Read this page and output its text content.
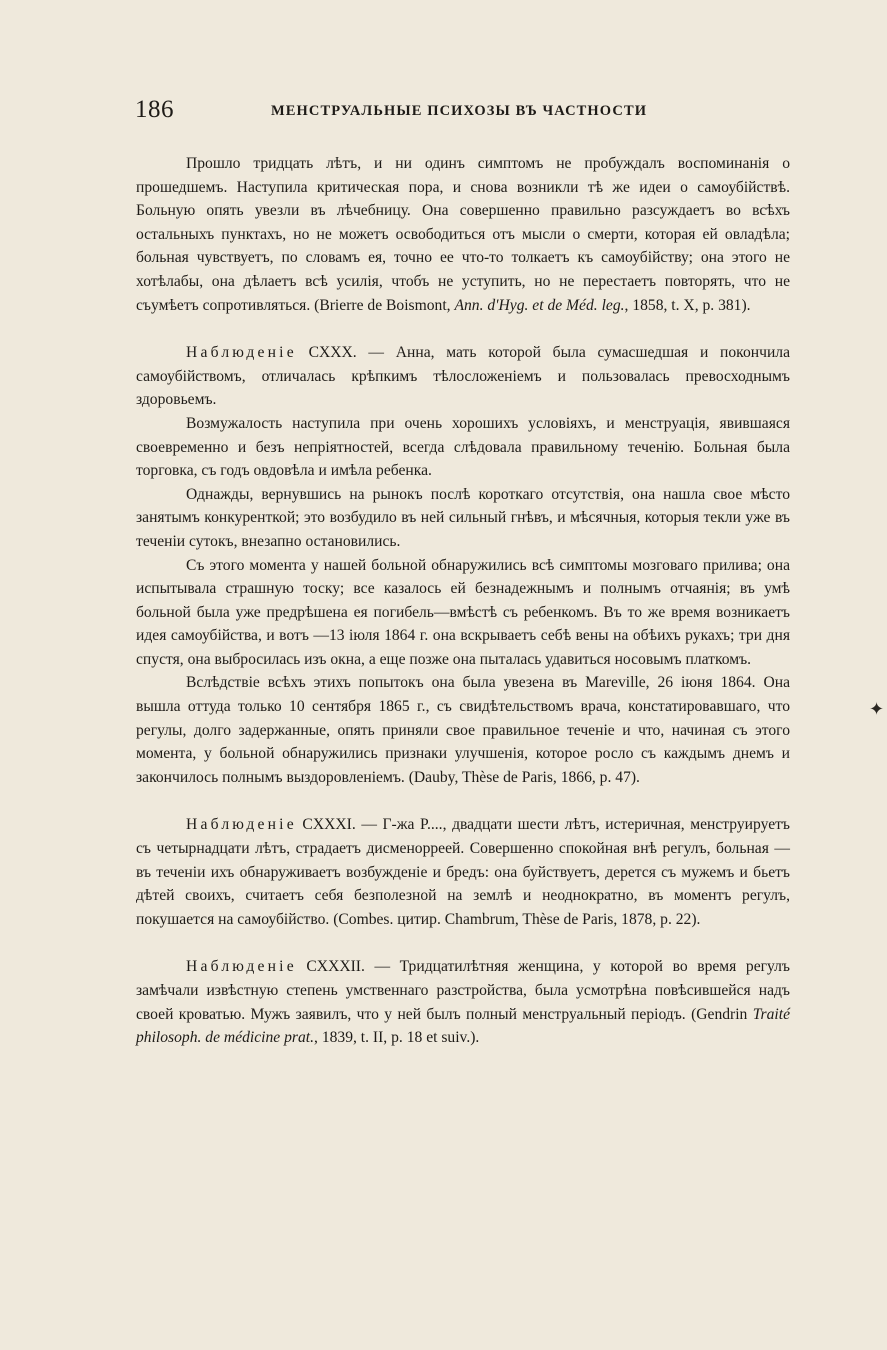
186	МЕНСТРУАЛЬНЫЕ ПСИХОЗЫ ВЪ ЧАСТНОСТИ

Прошло тридцать лѣтъ, и ни одинъ симптомъ не пробуждалъ воспоминанія о прошедшемъ. Наступила критическая пора, и снова возникли тѣ же идеи о самоубійствѣ. Больную опять увезли въ лѣчебницу. Она совершенно правильно разсуждаетъ во всѣхъ остальныхъ пунктахъ, но не можетъ освободиться отъ мысли о смерти, которая ей овладѣла; больная чувствуетъ, по словамъ ея, точно ее что-то толкаетъ къ самоубійству; она этого не хотѣлабы, она дѣлаетъ всѣ усилія, чтобъ не уступить, но не перестаетъ повторять, что не съумѣетъ сопротивляться. (Brierre de Boismont, Ann. d'Hyg. et de Méd. leg., 1858, t. X, p. 381).

Наблюденіе CXXX. — Анна, мать которой была сумасшедшая и покончила самоубійствомъ, отличалась крѣпкимъ тѣлосложеніемъ и пользовалась превосходнымъ здоровьемъ.

Возмужалость наступила при очень хорошихъ условіяхъ, и менструація, явившаяся своевременно и безъ непріятностей, всегда слѣдовала правильному теченію. Больная была торговка, съ годъ овдовѣла и имѣла ребенка.

Однажды, вернувшись на рынокъ послѣ короткаго отсутствія, она нашла свое мѣсто занятымъ конкуренткой; это возбудило въ ней сильный гнѣвъ, и мѣсячныя, которыя текли уже въ теченіи сутокъ, внезапно остановились.

Съ этого момента у нашей больной обнаружились всѣ симптомы мозговаго прилива; она испытывала страшную тоску; все казалось ей безнадежнымъ и полнымъ отчаянія; въ умѣ больной была уже предрѣшена ея погибель—вмѣстѣ съ ребенкомъ. Въ то же время возникаетъ идея самоубійства, и вотъ —13 іюля 1864 г. она вскрываетъ себѣ вены на обѣихъ рукахъ; три дня спустя, она выбросилась изъ окна, а еще позже она пыталась удавиться носовымъ платкомъ.

Вслѣдствіе всѣхъ этихъ попытокъ она была увезена въ Mareville, 26 іюня 1864. Она вышла оттуда только 10 сентября 1865 г., съ свидѣтельствомъ врача, констатировавшаго, что регулы, долго задержанные, опять приняли свое правильное теченіе и что, начиная съ этого момента, у больной обнаружились признаки улучшенія, которое росло съ каждымъ днемъ и закончилось полнымъ выздоровленіемъ. (Dauby, Thèse de Paris, 1866, p. 47).

Наблюденіе CXXXI. — Г-жа P...., двадцати шести лѣтъ, истеричная, менструируетъ съ четырнадцати лѣтъ, страдаетъ дисменорреей. Совершенно спокойная внѣ регулъ, больная — въ теченіи ихъ обнаруживаетъ возбужденіе и бредъ: она буйствуетъ, дерется съ мужемъ и бьетъ дѣтей своихъ, считаетъ себя безполезной на землѣ и неоднократно, въ моментъ регулъ, покушается на самоубійство. (Combes. цитир. Chambrum, Thèse de Paris, 1878, p. 22).

Наблюденіе CXXXII. — Тридцатилѣтняя женщина, у которой во время регулъ замѣчали извѣстную степень умственнаго разстройства, была усмотрѣна повѣсившейся надъ своей кроватью. Мужъ заявилъ, что у ней былъ полный менструальный періодъ. (Gendrin Traité philosoph. de médicine prat., 1839, t. II, p. 18 et suiv.).

✦
